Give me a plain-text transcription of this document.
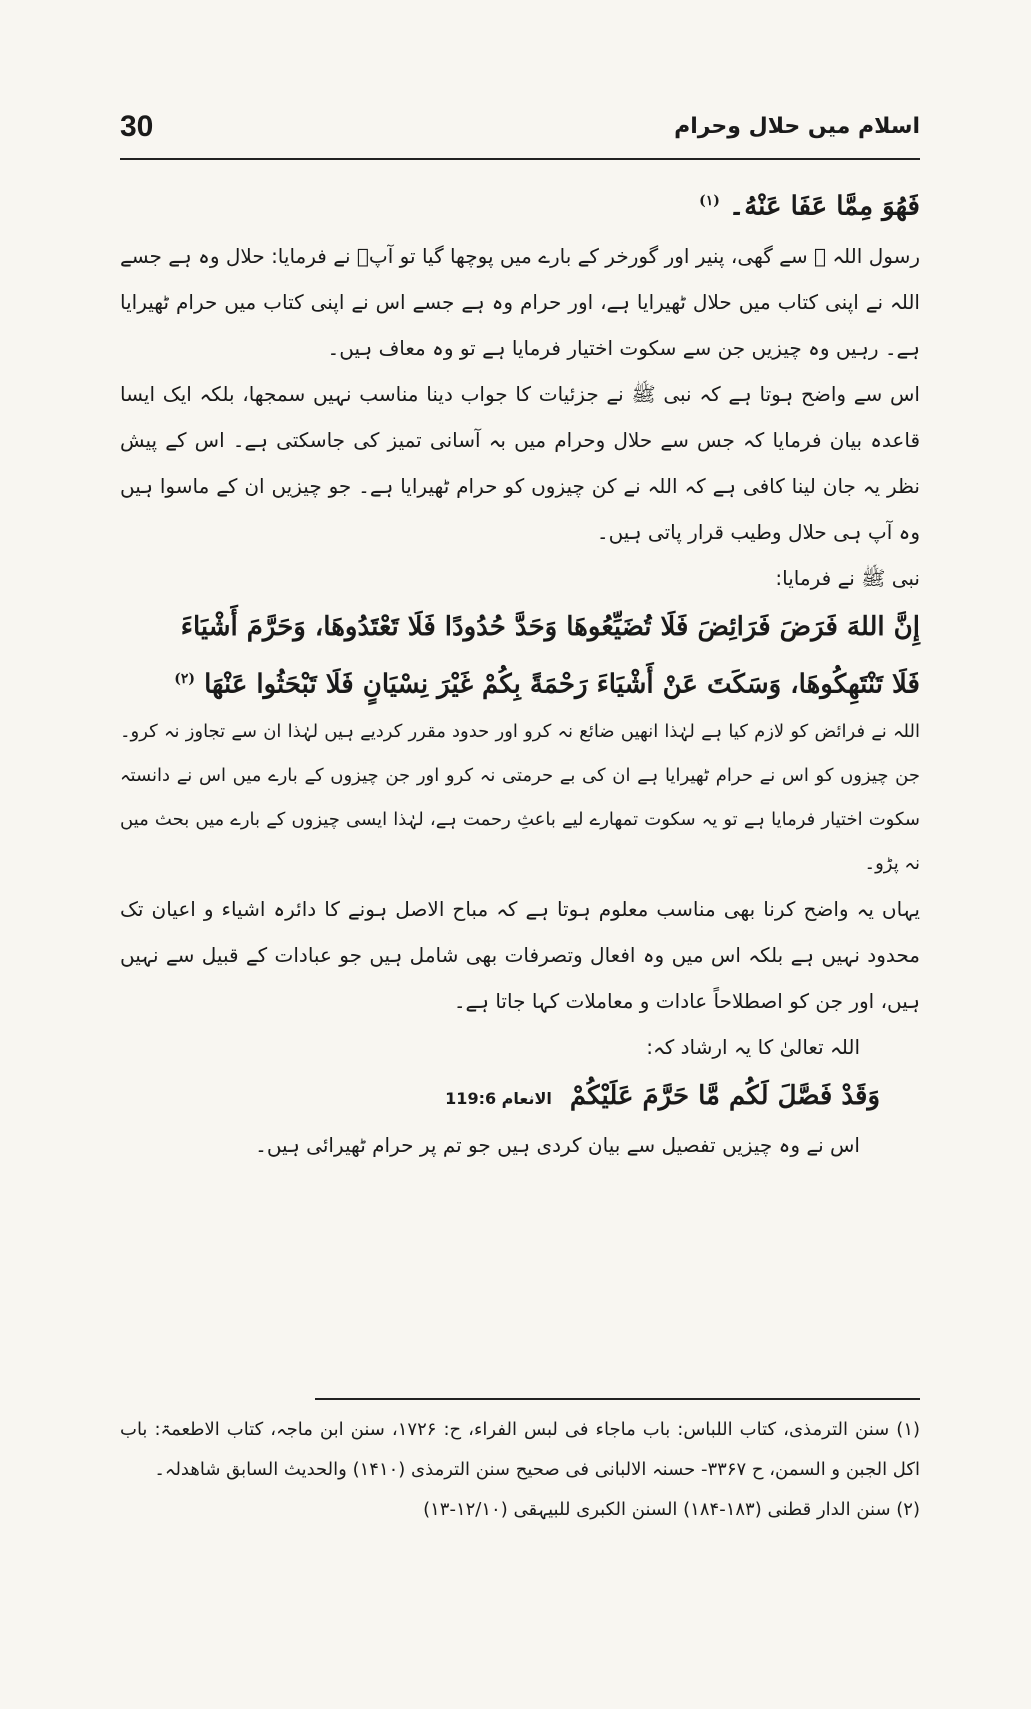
30	اسلام میں حلال وحرام

فَهُوَ مِمَّا عَفَا عَنْهُ۔ $^{(۱)}$

رسول اللہ ﷺ سے گھی، پنیر اور گورخر کے بارے میں پوچھا گیا تو آپؐ نے فرمایا: حلال وہ ہے جسے اللہ نے اپنی کتاب میں حلال ٹھیرایا ہے، اور حرام وہ ہے جسے اس نے اپنی کتاب میں حرام ٹھیرایا ہے۔ رہیں وہ چیزیں جن سے سکوت اختیار فرمایا ہے تو وہ معاف ہیں۔

اس سے واضح ہوتا ہے کہ نبی ﷺ نے جزئیات کا جواب دینا مناسب نہیں سمجھا، بلکہ ایک ایسا قاعدہ بیان فرمایا کہ جس سے حلال وحرام میں بہ آسانی تمیز کی جاسکتی ہے۔ اس کے پیش نظر یہ جان لینا کافی ہے کہ اللہ نے کن چیزوں کو حرام ٹھیرایا ہے۔ جو چیزیں ان کے ماسوا ہیں وہ آپ ہی حلال وطیب قرار پاتی ہیں۔

نبی ﷺ نے فرمایا:

إِنَّ اللهَ فَرَضَ فَرَائِضَ فَلَا تُضَيِّعُوهَا وَحَدَّ حُدُودًا فَلَا تَعْتَدُوهَا، وَحَرَّمَ أَشْيَاءَ

فَلَا تَنْتَهِكُوهَا، وَسَكَتَ عَنْ أَشْيَاءَ رَحْمَةً بِكُمْ غَيْرَ نِسْيَانٍ فَلَا تَبْحَثُوا عَنْهَا $^{(۲)}$

اللہ نے فرائض کو لازم کیا ہے لہٰذا انھیں ضائع نہ کرو اور حدود مقرر کردیے ہیں لہٰذا ان سے تجاوز نہ کرو۔ جن چیزوں کو اس نے حرام ٹھیرایا ہے ان کی بے حرمتی نہ کرو اور جن چیزوں کے بارے میں اس نے دانستہ سکوت اختیار فرمایا ہے تو یہ سکوت تمھارے لیے باعثِ رحمت ہے، لہٰذا ایسی چیزوں کے بارے میں بحث میں نہ پڑو۔

یہاں یہ واضح کرنا بھی مناسب معلوم ہوتا ہے کہ مباح الاصل ہونے کا دائرہ اشیاء و اعیان تک محدود نہیں ہے بلکہ اس میں وہ افعال وتصرفات بھی شامل ہیں جو عبادات کے قبیل سے نہیں ہیں، اور جن کو اصطلاحاً عادات و معاملات کہا جاتا ہے۔

اللہ تعالیٰ کا یہ ارشاد کہ:

وَقَدْ فَصَّلَ لَكُم مَّا حَرَّمَ عَلَيْكُمْ
الانعام 119:6

اس نے وہ چیزیں تفصیل سے بیان کردی ہیں جو تم پر حرام ٹھیرائی ہیں۔

(۱) سنن الترمذی، کتاب اللباس: باب ماجاء فی لبس الفراء، ح: ۱۷۲۶، سنن ابن ماجہ، کتاب الاطعمۃ: باب اکل الجبن و السمن، ح ۳۳۶۷- حسنہ الالبانی فی صحیح سنن الترمذی (۱۴۱۰) والحدیث السابق شاهدلہ۔

(۲) سنن الدار قطنی (۱۸۳-۱۸۴) السنن الکبری للبیہقی (۱۲/۱۰-۱۳)
